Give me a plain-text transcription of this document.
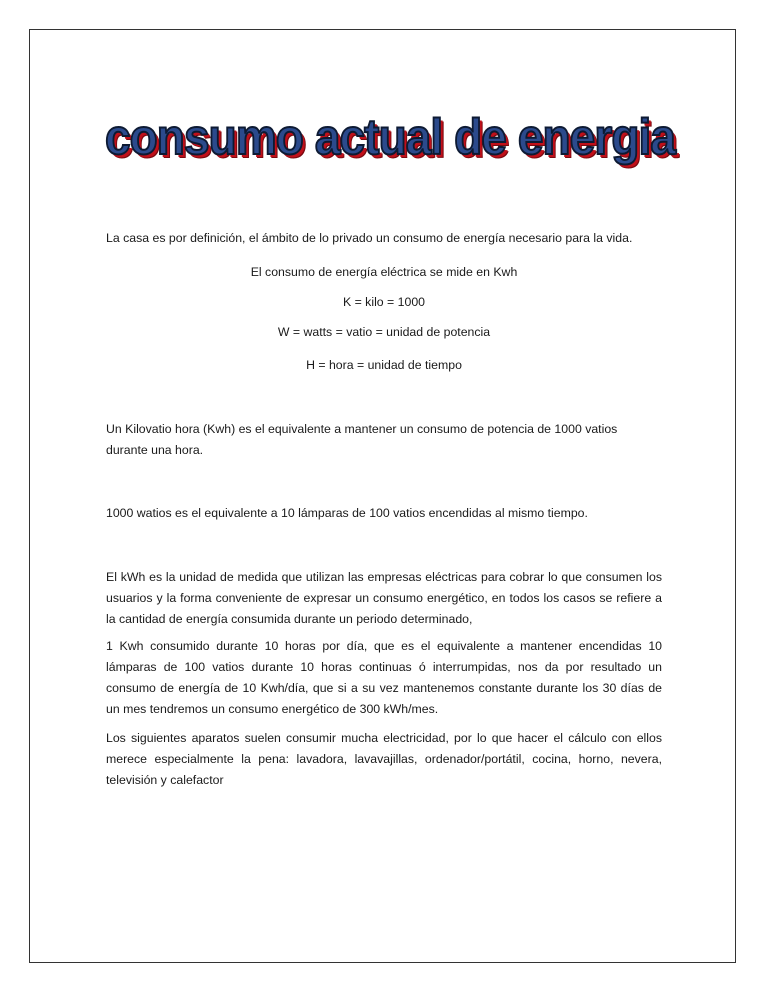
consumo actual de energia

La casa es por definición, el ámbito de lo privado un consumo de energía necesario para la vida.

El consumo de energía eléctrica se mide en Kwh

K = kilo = 1000

W = watts = vatio = unidad de potencia

H = hora = unidad de tiempo

Un Kilovatio hora (Kwh) es el equivalente a mantener un consumo de potencia de 1000 vatios durante una hora.

1000 watios es el equivalente a 10 lámparas de 100 vatios encendidas al mismo tiempo.

El kWh es la unidad de medida que utilizan las empresas eléctricas para cobrar lo que consumen los usuarios y la forma conveniente de expresar un consumo energético, en todos los casos se refiere a la cantidad de energía consumida durante un periodo determinado,

1 Kwh consumido durante 10 horas por día, que es el equivalente a mantener encendidas 10 lámparas de 100 vatios durante 10 horas continuas ó interrumpidas, nos da por resultado un consumo de energía de 10 Kwh/día, que si a su vez mantenemos constante durante los 30 días de un mes tendremos un consumo energético de 300 kWh/mes.

Los siguientes aparatos suelen consumir mucha electricidad, por lo que hacer el cálculo con ellos merece especialmente la pena: lavadora, lavavajillas, ordenador/portátil, cocina, horno, nevera, televisión y calefactor
